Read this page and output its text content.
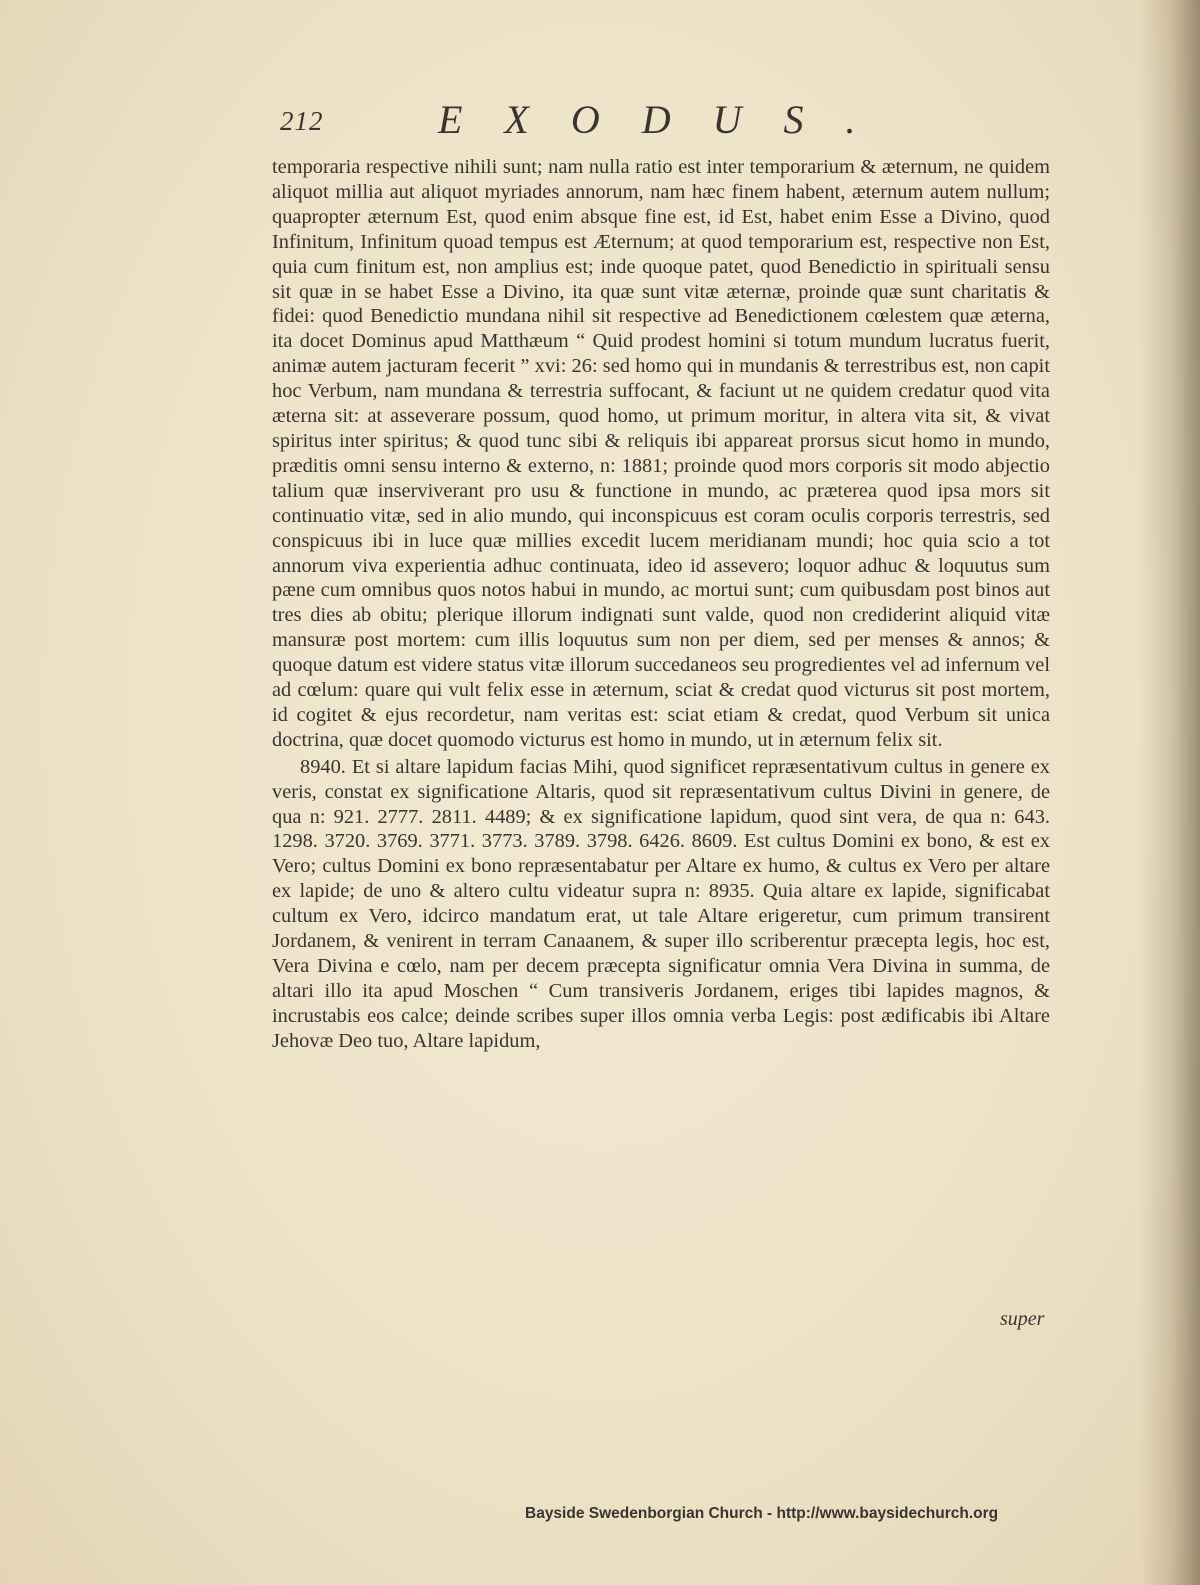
212	EXODUS.

temporaria respective nihili sunt; nam nulla ratio est inter temporarium & æternum, ne quidem aliquot millia aut aliquot myriades annorum, nam hæc finem habent, æternum autem nullum; quapropter æternum Est, quod enim absque fine est, id Est, habet enim Esse a Divino, quod Infinitum, Infinitum quoad tempus est Æternum; at quod temporarium est, respective non Est, quia cum finitum est, non amplius est; inde quoque patet, quod Benedictio in spirituali sensu sit quæ in se habet Esse a Divino, ita quæ sunt vitæ æternæ, proinde quæ sunt charitatis & fidei: quod Benedictio mundana nihil sit respective ad Benedictionem cœlestem quæ æterna, ita docet Dominus apud Matthæum “ Quid prodest homini si totum mundum lucratus fuerit, animæ autem jacturam fecerit ” xvi: 26: sed homo qui in mundanis & terrestribus est, non capit hoc Verbum, nam mundana & terrestria suffocant, & faciunt ut ne quidem credatur quod vita æterna sit: at asseverare possum, quod homo, ut primum moritur, in altera vita sit, & vivat spiritus inter spiritus; & quod tunc sibi & reliquis ibi appareat prorsus sicut homo in mundo, præditis omni sensu interno & externo, n: 1881; proinde quod mors corporis sit modo abjectio talium quæ inserviverant pro usu & functione in mundo, ac præterea quod ipsa mors sit continuatio vitæ, sed in alio mundo, qui inconspicuus est coram oculis corporis terrestris, sed conspicuus ibi in luce quæ millies excedit lucem meridianam mundi; hoc quia scio a tot annorum viva experientia adhuc continuata, ideo id assevero; loquor adhuc & loquutus sum pæne cum omnibus quos notos habui in mundo, ac mortui sunt; cum quibusdam post binos aut tres dies ab obitu; plerique illorum indignati sunt valde, quod non crediderint aliquid vitæ mansuræ post mortem: cum illis loquutus sum non per diem, sed per menses & annos; & quoque datum est videre status vitæ illorum succedaneos seu progredientes vel ad infernum vel ad cœlum: quare qui vult felix esse in æternum, sciat & credat quod victurus sit post mortem, id cogitet & ejus recordetur, nam veritas est: sciat etiam & credat, quod Verbum sit unica doctrina, quæ docet quomodo victurus est homo in mundo, ut in æternum felix sit.

8940. Et si altare lapidum facias Mihi, quod significet repræsentativum cultus in genere ex veris, constat ex significatione Altaris, quod sit repræsentativum cultus Divini in genere, de qua n: 921. 2777. 2811. 4489; & ex significatione lapidum, quod sint vera, de qua n: 643. 1298. 3720. 3769. 3771. 3773. 3789. 3798. 6426. 8609. Est cultus Domini ex bono, & est ex Vero; cultus Domini ex bono repræsentabatur per Altare ex humo, & cultus ex Vero per altare ex lapide; de uno & altero cultu videatur supra n: 8935. Quia altare ex lapide, significabat cultum ex Vero, idcirco mandatum erat, ut tale Altare erigeretur, cum primum transirent Jordanem, & venirent in terram Canaanem, & super illo scriberentur præcepta legis, hoc est, Vera Divina e cœlo, nam per decem præcepta significatur omnia Vera Divina in summa, de altari illo ita apud Moschen “ Cum transiveris Jordanem, eriges tibi lapides magnos, & incrustabis eos calce; deinde scribes super illos omnia verba Legis: post ædificabis ibi Altare Jehovæ Deo tuo, Altare lapidum,

super
Bayside Swedenborgian Church - http://www.baysidechurch.org
